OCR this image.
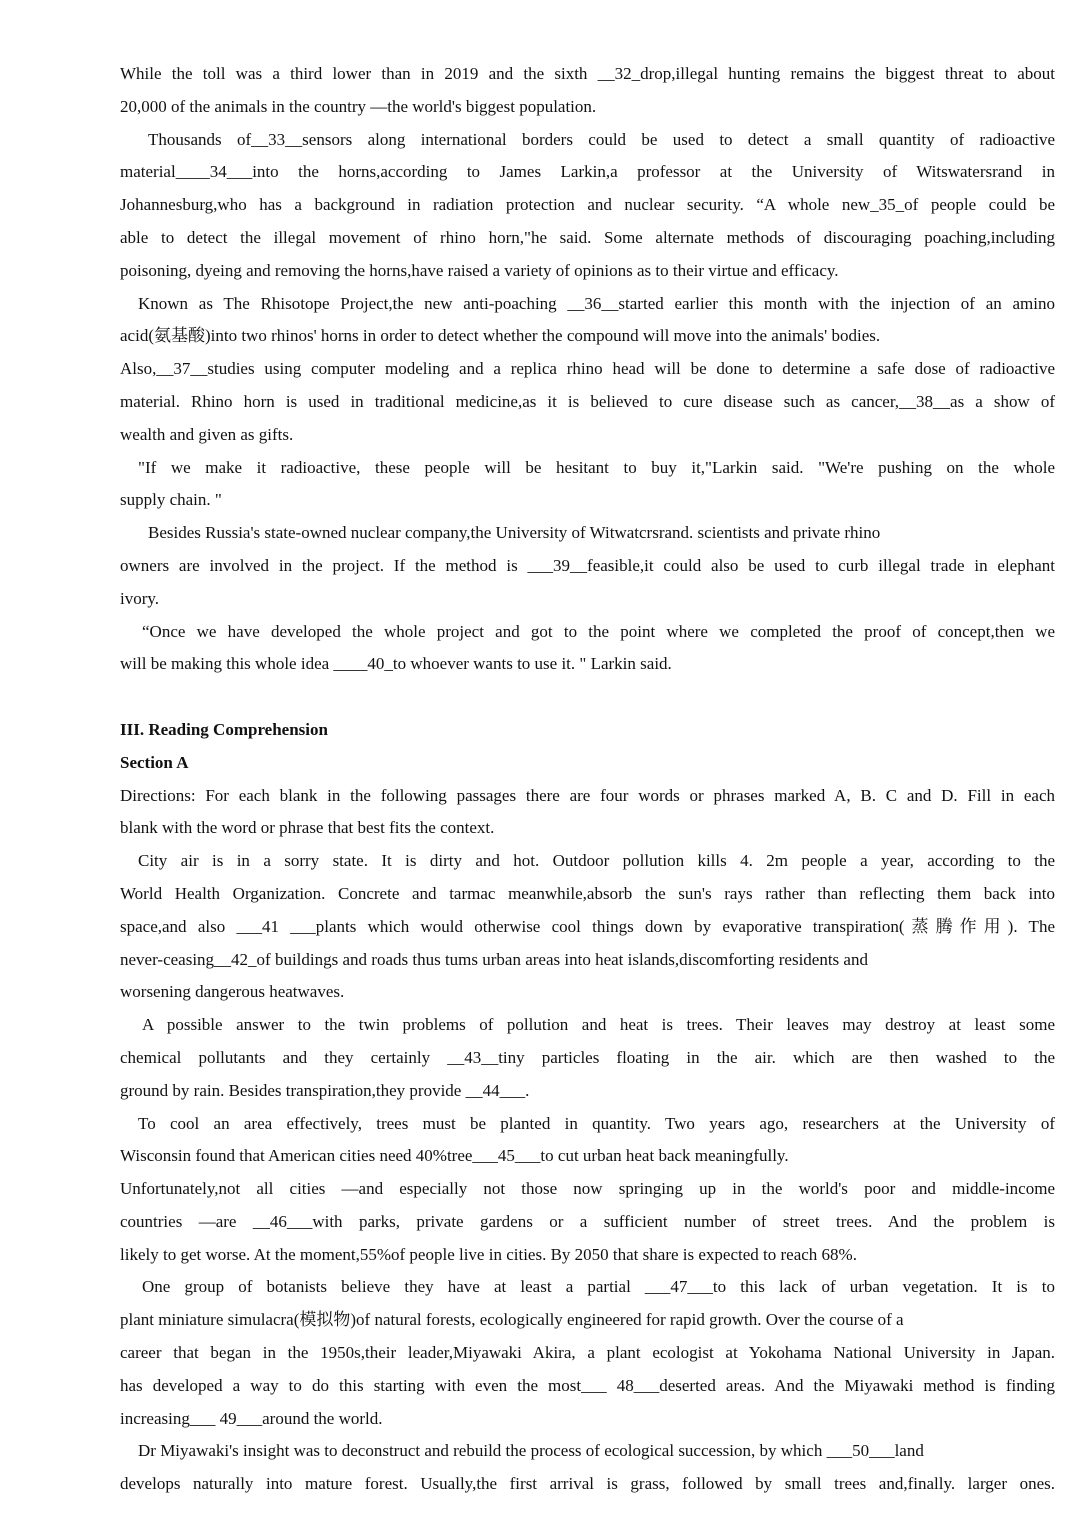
While the toll was a third lower than in 2019 and the sixth __32_drop,illegal hunting remains the biggest threat to about
20,000 of the animals in the country —the world's biggest population.
Thousands of__33__sensors along international borders could be used to detect a small quantity of radioactive
material____34___into the horns,according to James Larkin,a professor at the University of Witswatersrand in
Johannesburg,who has a background in radiation protection and nuclear security. “A whole new_35_of people could be
able to detect the illegal movement of rhino horn,"he said. Some alternate methods of discouraging poaching,including
poisoning, dyeing and removing the horns,have raised a variety of opinions as to their virtue and efficacy.
Known as The Rhisotope Project,the new anti-poaching __36__started earlier this month with the injection of an amino
acid(氨基酸)into two rhinos' horns in order to detect whether the compound will move into the animals' bodies.
Also,__37__studies using computer modeling and a replica rhino head will be done to determine a safe dose of radioactive
material. Rhino horn is used in traditional medicine,as it is believed to cure disease such as cancer,__38__as a show of
wealth and given as gifts.
"If we make it radioactive, these people will be hesitant to buy it,"Larkin said. "We're pushing on the whole
supply chain. "
Besides Russia's state-owned nuclear company,the University of Witwatcrsrand. scientists and private rhino
owners are involved in the project. If the method is ___39__feasible,it could also be used to curb illegal trade in elephant
ivory.
“Once we have developed the whole project and got to the point where we completed the proof of concept,then we
will be making this whole idea ____40_to whoever wants to use it. " Larkin said.
III. Reading Comprehension
Section A
Directions: For each blank in the following passages there are four words or phrases marked A, B. C and D. Fill in each
blank with the word or phrase that best fits the context.
City air is in a sorry state. It is dirty and hot. Outdoor pollution kills 4. 2m people a year, according to the
World Health Organization. Concrete and tarmac meanwhile,absorb the sun's rays rather than reflecting them back into
space,and also ___41 ___plants which would otherwise cool things down by evaporative transpiration(蒸腾作用). The
never-ceasing__42_of buildings and roads thus tums urban areas into heat islands,discomforting residents and
worsening dangerous heatwaves.
A possible answer to the twin problems of pollution and heat is trees. Their leaves may destroy at least some
chemical pollutants and they certainly __43__tiny particles floating in the air. which are then washed to the
ground by rain. Besides transpiration,they provide __44___.
To cool an area effectively, trees must be planted in quantity. Two years ago, researchers at the University of
Wisconsin found that American cities need 40%tree___45___to cut urban heat back meaningfully.
Unfortunately,not all cities —and especially not those now springing up in the world's poor and middle-income
countries —are __46___with parks, private gardens or a sufficient number of street trees. And the problem is
likely to get worse. At the moment,55%of people live in cities. By 2050 that share is expected to reach 68%.
One group of botanists believe they have at least a partial ___47___to this lack of urban vegetation. It is to
plant miniature simulacra(模拟物)of natural forests, ecologically engineered for rapid growth. Over the course of a
career that began in the 1950s,their leader,Miyawaki Akira, a plant ecologist at Yokohama National University in Japan.
has developed a way to do this starting with even the most___ 48___deserted areas. And the Miyawaki method is finding
increasing___ 49___around the world.
Dr Miyawaki's insight was to deconstruct and rebuild the process of ecological succession, by which ___50___land
develops naturally into mature forest. Usually,the first arrival is grass, followed by small trees and,finally. larger ones.
